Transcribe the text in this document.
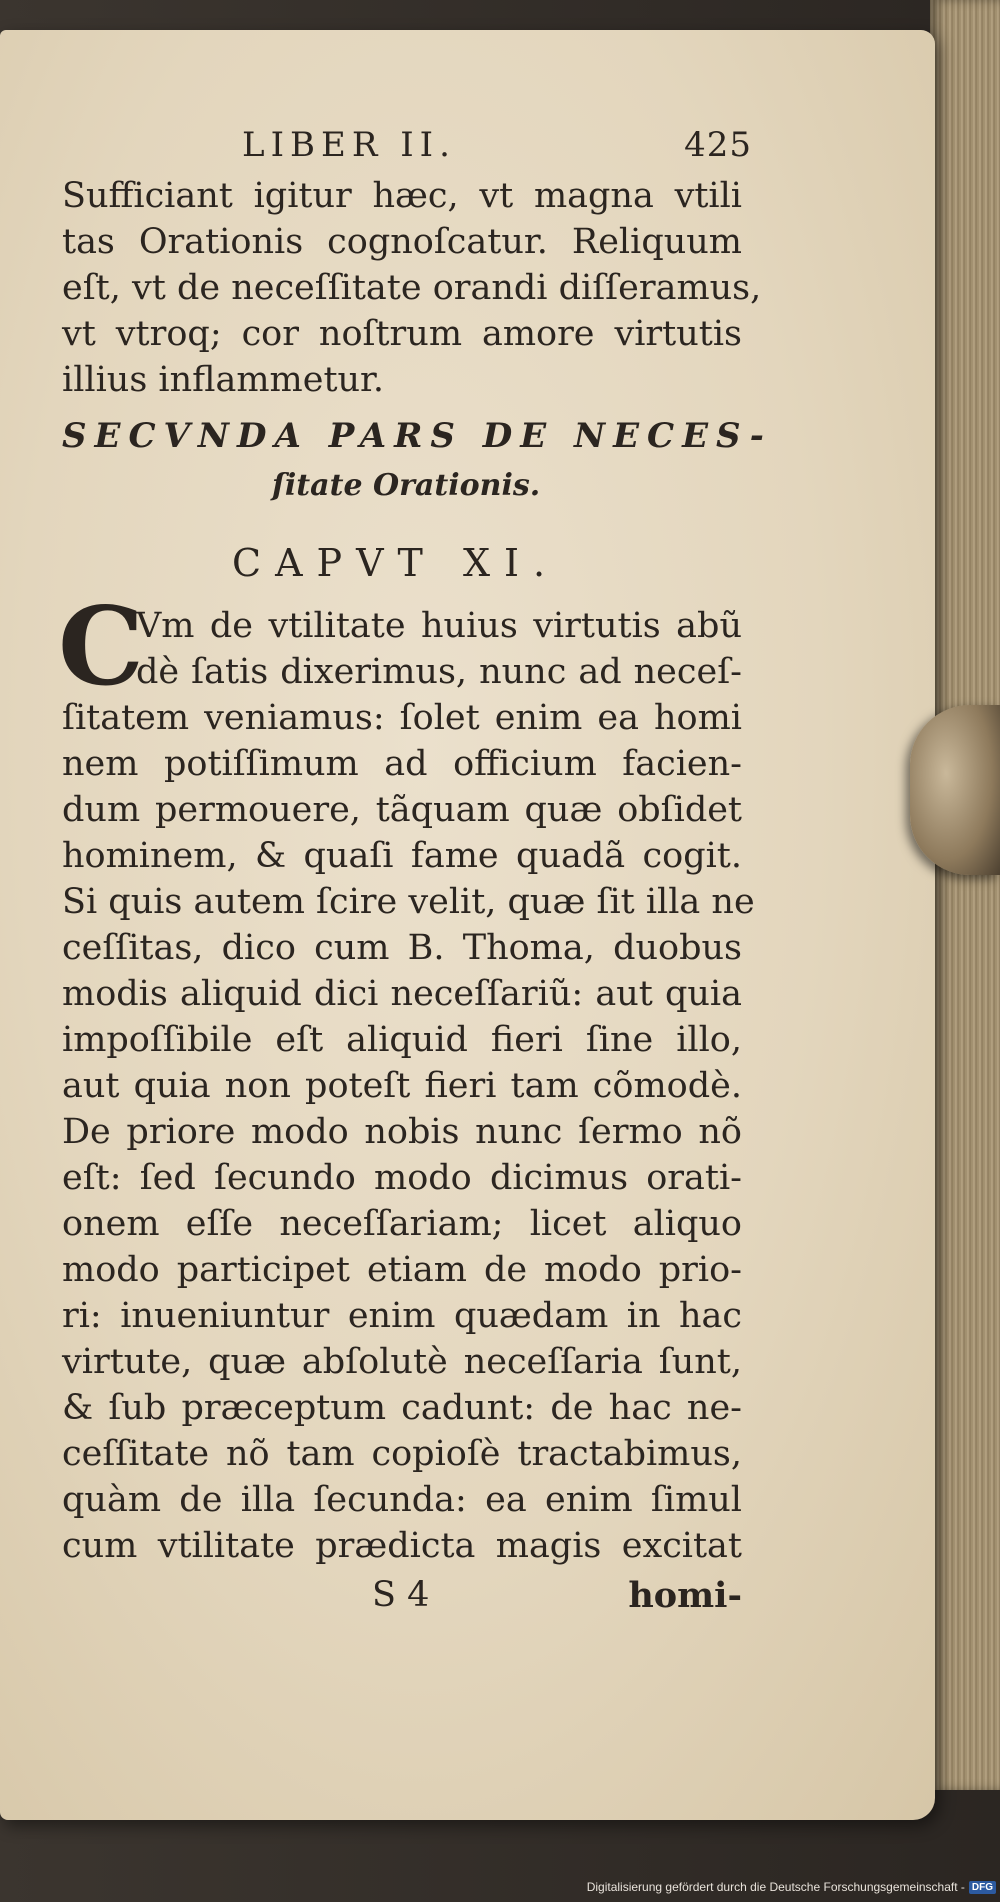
LIBER II.	425
Sufficiant igitur hæc, vt magna vtili
tas Orationis cognoſcatur. Reliquum
eſt, vt de neceſſitate orandi diſſeramus,
vt vtroq; cor noſtrum amore virtutis
illius inflammetur.
SECVNDA PARS DE NECES-
ſitate Orationis.
CAPVT XI.
C
Vm de vtilitate huius virtutis abũ
dè ſatis dixerimus, nunc ad neceſ-
ſitatem veniamus: ſolet enim ea homi
nem potiſſimum ad officium facien-
dum permouere, tãquam quæ obſidet
hominem, & quaſi fame quadã cogit.
Si quis autem ſcire velit, quæ ſit illa ne
ceſſitas, dico cum B. Thoma, duobus
modis aliquid dici neceſſariũ: aut quia
impoſſibile eſt aliquid fieri ſine illo,
aut quia non poteſt fieri tam cõmodè.
De priore modo nobis nunc ſermo nõ
eſt: ſed ſecundo modo dicimus orati-
onem eſſe neceſſariam; licet aliquo
modo participet etiam de modo prio-
ri: inueniuntur enim quædam in hac
virtute, quæ abſolutè neceſſaria ſunt,
& ſub præceptum cadunt: de hac ne-
ceſſitate nõ tam copioſè tractabimus,
quàm de illa ſecunda: ea enim ſimul
cum vtilitate prædicta magis excitat
S 4	homi-
Digitalisierung gefördert durch die Deutsche Forschungsgemeinschaft - DFG
